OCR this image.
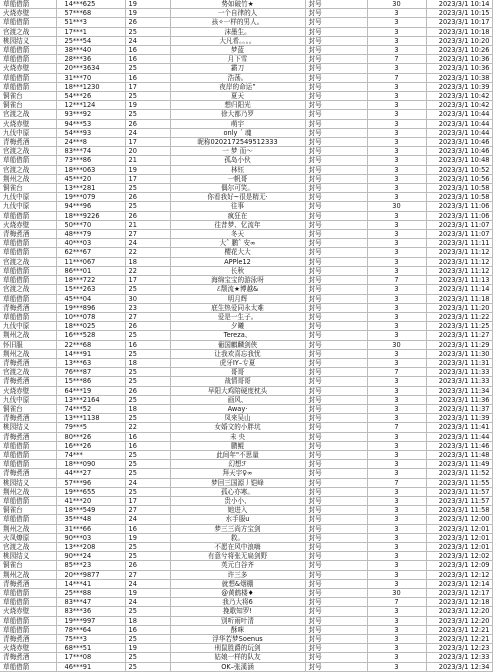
草船借箭	14***625	19	势如破竹★	封号	30	2023/3/1 10:14
火烧赤壁	57***68	19	一个自律的人	封号	3	2023/3/1 10:15
草船借箭	51***3	26	孩✧一样的男人。	封号	3	2023/3/1 10:17
官渡之战	17***1	25	沫墨生。	封号	3	2023/3/1 10:18
桃园结义	25***54	24	大凡希。。。。	封号	3	2023/3/1 10:20
草船借箭	38***40	16	梦蓝	封号	3	2023/3/1 10:26
草船借箭	28***36	16	月下雪	封号	7	2023/3/1 10:36
火烧赤壁	20***3634	25	霸刀	封号	3	2023/3/1 10:36
草船借箭	31***70	16	浩荡。	封号	7	2023/3/1 10:38
草船借箭	18***1230	17	夜岸的命运”	封号	3	2023/3/1 10:39
铜雀台	54***26	25	夏天	封号	3	2023/3/1 10:42
铜雀台	12***124	19	想归阳光	封号	3	2023/3/1 10:42
官渡之战	93***92	25	徐大都乃罗	封号	3	2023/3/1 10:44
火烧赤壁	94***53	26	萌宇	封号	3	2023/3/1 10:44
九伐中原	54***93	24	only ´ 魂	封号	3	2023/3/1 10:44
青梅煮酒	24***8	17	昵称0202172549512333	封号	3	2023/3/1 10:46
官渡之战	83***74	20	一 梦 而～	封号	3	2023/3/1 10:46
草船借箭	73***86	21	孤岛小伙	封号	3	2023/3/1 10:48
官渡之战	18***063	19	林钰	封号	3	2023/3/1 10:52
荆州之战	45***20	17	一帆哥	封号	3	2023/3/1 10:56
铜雀台	13***281	25	偶尔可笑。	封号	3	2023/3/1 10:58
九伐中原	19***079	26	你看我好~很是精无·	封号	3	2023/3/1 10:58
九伐中原	94***96	25	往事	封号	30	2023/3/1 11:06
草船借箭	18***9226	26	疯狂在	封号	3	2023/3/1 11:06
火烧赤壁	50***70	21	往昔梦、忆流年	封号	3	2023/3/1 11:07
青梅煮酒	48***79	27	冬天	封号	3	2023/3/1 11:07
草船借箭	40***03	24	大ˆ 鹏ˆ 安∞	封号	3	2023/3/1 11:11
草船借箭	62***67	22	樱花大大	封号	3	2023/3/1 11:12
官渡之战	11***067	18	APPle12	封号	3	2023/3/1 11:12
草船借箭	86***01	22	长秋	封号	3	2023/3/1 11:12
草船借箭	18***722	17	海绵宝宝的游泳呀	封号	7	2023/3/1 11:13
官渡之战	15***263	25	ℰ颓流★博越&	封号	3	2023/3/1 11:14
草船借箭	45***04	30	明月辉	封号	3	2023/3/1 11:18
青梅煮酒	19***896	23	底生热爱同永太难	封号	3	2023/3/1 11:20
草船借箭	10***078	27	爱是一生子。	封号	3	2023/3/1 11:22
九伐中原	18***025	26	夕曦	封号	3	2023/3/1 11:25
荆州之战	16***528	25	Tereza、	封号	3	2023/3/1 11:27
怀旧服	22***68	16	葡国麒麟剑侠	封号	30	2023/3/1 11:29
荆州之战	14***91	25	让我欢喜忘我忧	封号	3	2023/3/1 11:30
青梅煮酒	13***63	18	虎牙IY–专夏	封号	3	2023/3/1 11:31
官渡之战	76***87	25	哥哥	封号	7	2023/3/1 11:33
青梅煮酒	15***86	25	战情哥哥	封号	3	2023/3/1 11:33
火烧赤壁	64***19	26	早阳大鸡陪硬度枕头	封号	3	2023/3/1 11:34
九伐中原	13***2164	25	画风、	封号	3	2023/3/1 11:36
铜雀台	74***52	18	Away·	封号	3	2023/3/1 11:37
青梅煮酒	13***1138	25	凤来吴山	封号	3	2023/3/1 11:39
桃园结义	79***5	22	女婚文的小胖坑	封号	7	2023/3/1 11:41
青梅煮酒	80***26	16	未 央	封号	3	2023/3/1 11:44
草船借箭	16***26	16	鹏鲲	封号	3	2023/3/1 11:46
草船借箭	74***	25	此间年"不思量	封号	3	2023/3/1 11:48
草船借箭	18***090	25	幻想ℱ	封号	3	2023/3/1 11:49
青梅煮酒	44***27	25	拜天宇♀∞	封号	3	2023/3/1 11:52
桃园结义	57***96	24	梦回三国源丿铠峰	封号	7	2023/3/1 11:55
荆州之战	19***655	25	孤心亦寒。	封号	3	2023/3/1 11:57
草船借箭	41***20	17	贵小小、	封号	3	2023/3/1 11:57
铜雀台	18***549	27	她进入	封号	3	2023/3/1 11:58
草船借箭	35***48	24	水手服u	封号	3	2023/3/1 12:00
荆州之战	31***66	16	梦三三尚方宝剑	封号	3	2023/3/1 12:01
火凤燎原	90***03	19	救。	封号	3	2023/3/1 12:01
官渡之战	13***208	25	不愿在风中浪嗨	封号	3	2023/3/1 12:01
桃园结义	90***24	25	有意兮将张无扁剑野	封号	3	2023/3/1 12:02
铜雀台	85***23	26	英元白谷齐	封号	3	2023/3/1 12:09
荆州之战	20***9877	27	许三多	封号	3	2023/3/1 12:12
青梅煮酒	14***41	24	就想&烟棚	封号	3	2023/3/1 12:14
草船借箭	25***88	19	@黄鹤楼♦	封号	30	2023/3/1 12:17
草船借箭	83***47	24	我乃大将6	封号	7	2023/3/1 12:18
火烧赤壁	83***36	25	挽歌知罗!	封号	3	2023/3/1 12:20
草船借箭	19***997	18	别听雨叶清	封号	3	2023/3/1 12:20
草船借箭	78***64	16	酥咪	封号	3	2023/3/1 12:21
青梅煮酒	75***3	25	浮华若梦Soenus	封号	3	2023/3/1 12:21
火烧赤壁	68***51	19	刑鼠胜爵的玩剑	封号	3	2023/3/1 12:23
青梅煮酒	17***08	25	姑娘一样的队友	封号	3	2023/3/1 12:33
草船借箭	46***91	25	OK–张溪涵	封号	3	2023/3/1 12:34
